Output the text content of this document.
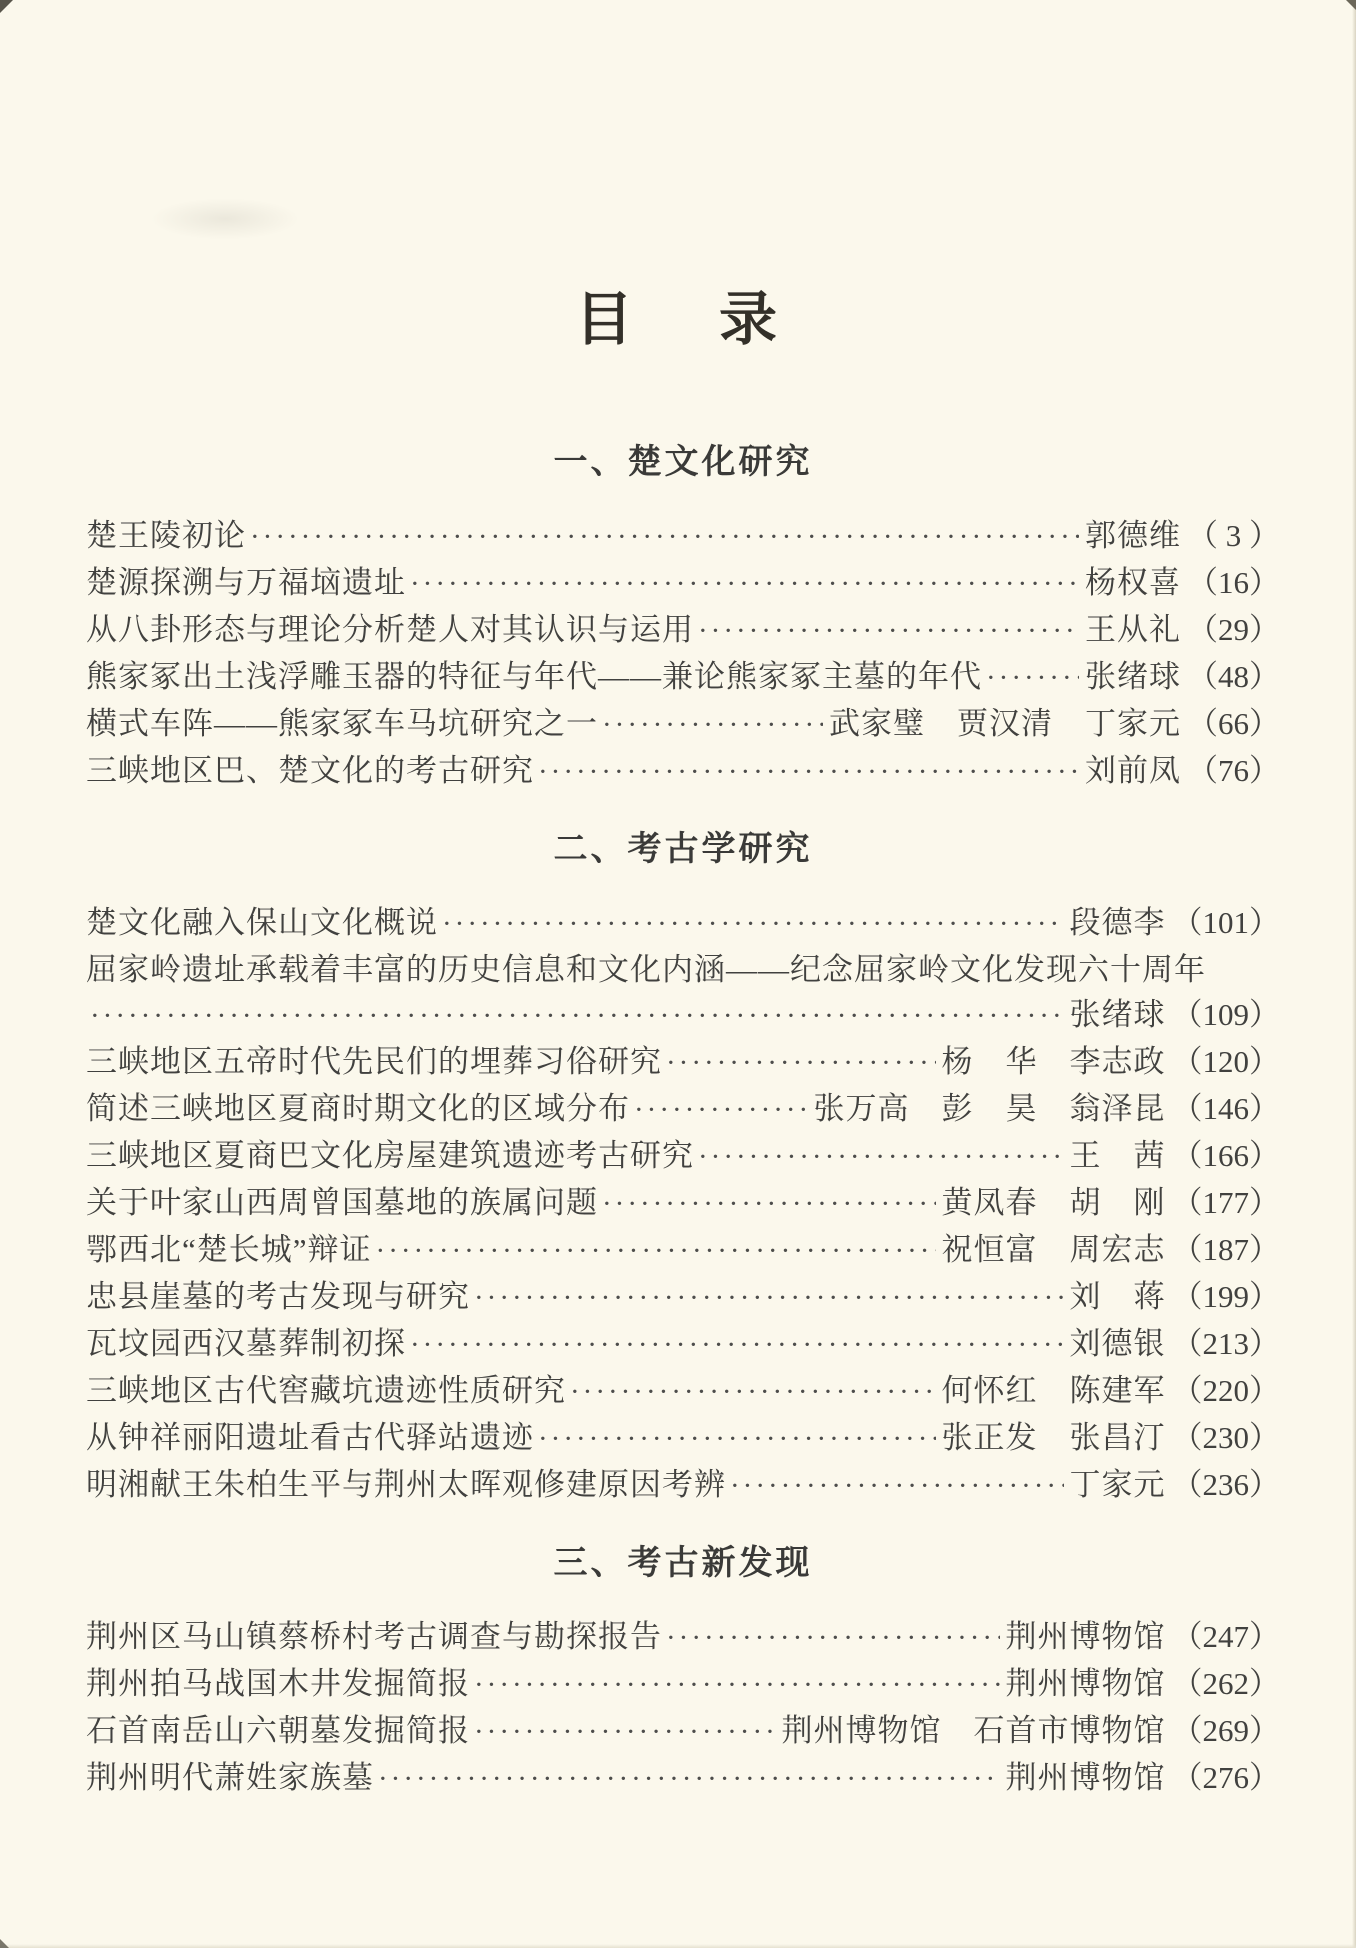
目　录
一、楚文化研究
楚王陵初论 ·····	郭德维 （ 3 ）
楚源探溯与万福垴遗址 ·····	杨权喜 （16）
从八卦形态与理论分析楚人对其认识与运用 ·····	王从礼 （29）
熊家冢出土浅浮雕玉器的特征与年代——兼论熊家冢主墓的年代 ·····	张绪球 （48）
横式车阵——熊家冢车马坑研究之一 ·····	武家璧　贾汉清　丁家元 （66）
三峡地区巴、楚文化的考古研究 ·····	刘前凤 （76）
二、考古学研究
楚文化融入保山文化概说 ·····	段德李 （101）
屈家岭遗址承载着丰富的历史信息和文化内涵——纪念屈家岭文化发现六十周年
·····
张绪球 （109）
三峡地区五帝时代先民们的埋葬习俗研究 ·····	杨　华　李志政 （120）
简述三峡地区夏商时期文化的区域分布 ·····	张万高　彭　昊　翁泽昆 （146）
三峡地区夏商巴文化房屋建筑遗迹考古研究 ·····	王　茜 （166）
关于叶家山西周曾国墓地的族属问题 ·····	黄凤春　胡　刚 （177）
鄂西北“楚长城”辩证 ·····	祝恒富　周宏志 （187）
忠县崖墓的考古发现与研究 ·····	刘　蒋 （199）
瓦坟园西汉墓葬制初探 ·····	刘德银 （213）
三峡地区古代窖藏坑遗迹性质研究 ·····	何怀红　陈建军 （220）
从钟祥丽阳遗址看古代驿站遗迹 ·····	张正发　张昌汀 （230）
明湘献王朱柏生平与荆州太晖观修建原因考辨 ·····	丁家元 （236）
三、考古新发现
荆州区马山镇蔡桥村考古调查与勘探报告 ·····	荆州博物馆 （247）
荆州拍马战国木井发掘简报 ·····	荆州博物馆 （262）
石首南岳山六朝墓发掘简报 ·····	荆州博物馆　石首市博物馆 （269）
荆州明代萧姓家族墓 ·····	荆州博物馆 （276）
